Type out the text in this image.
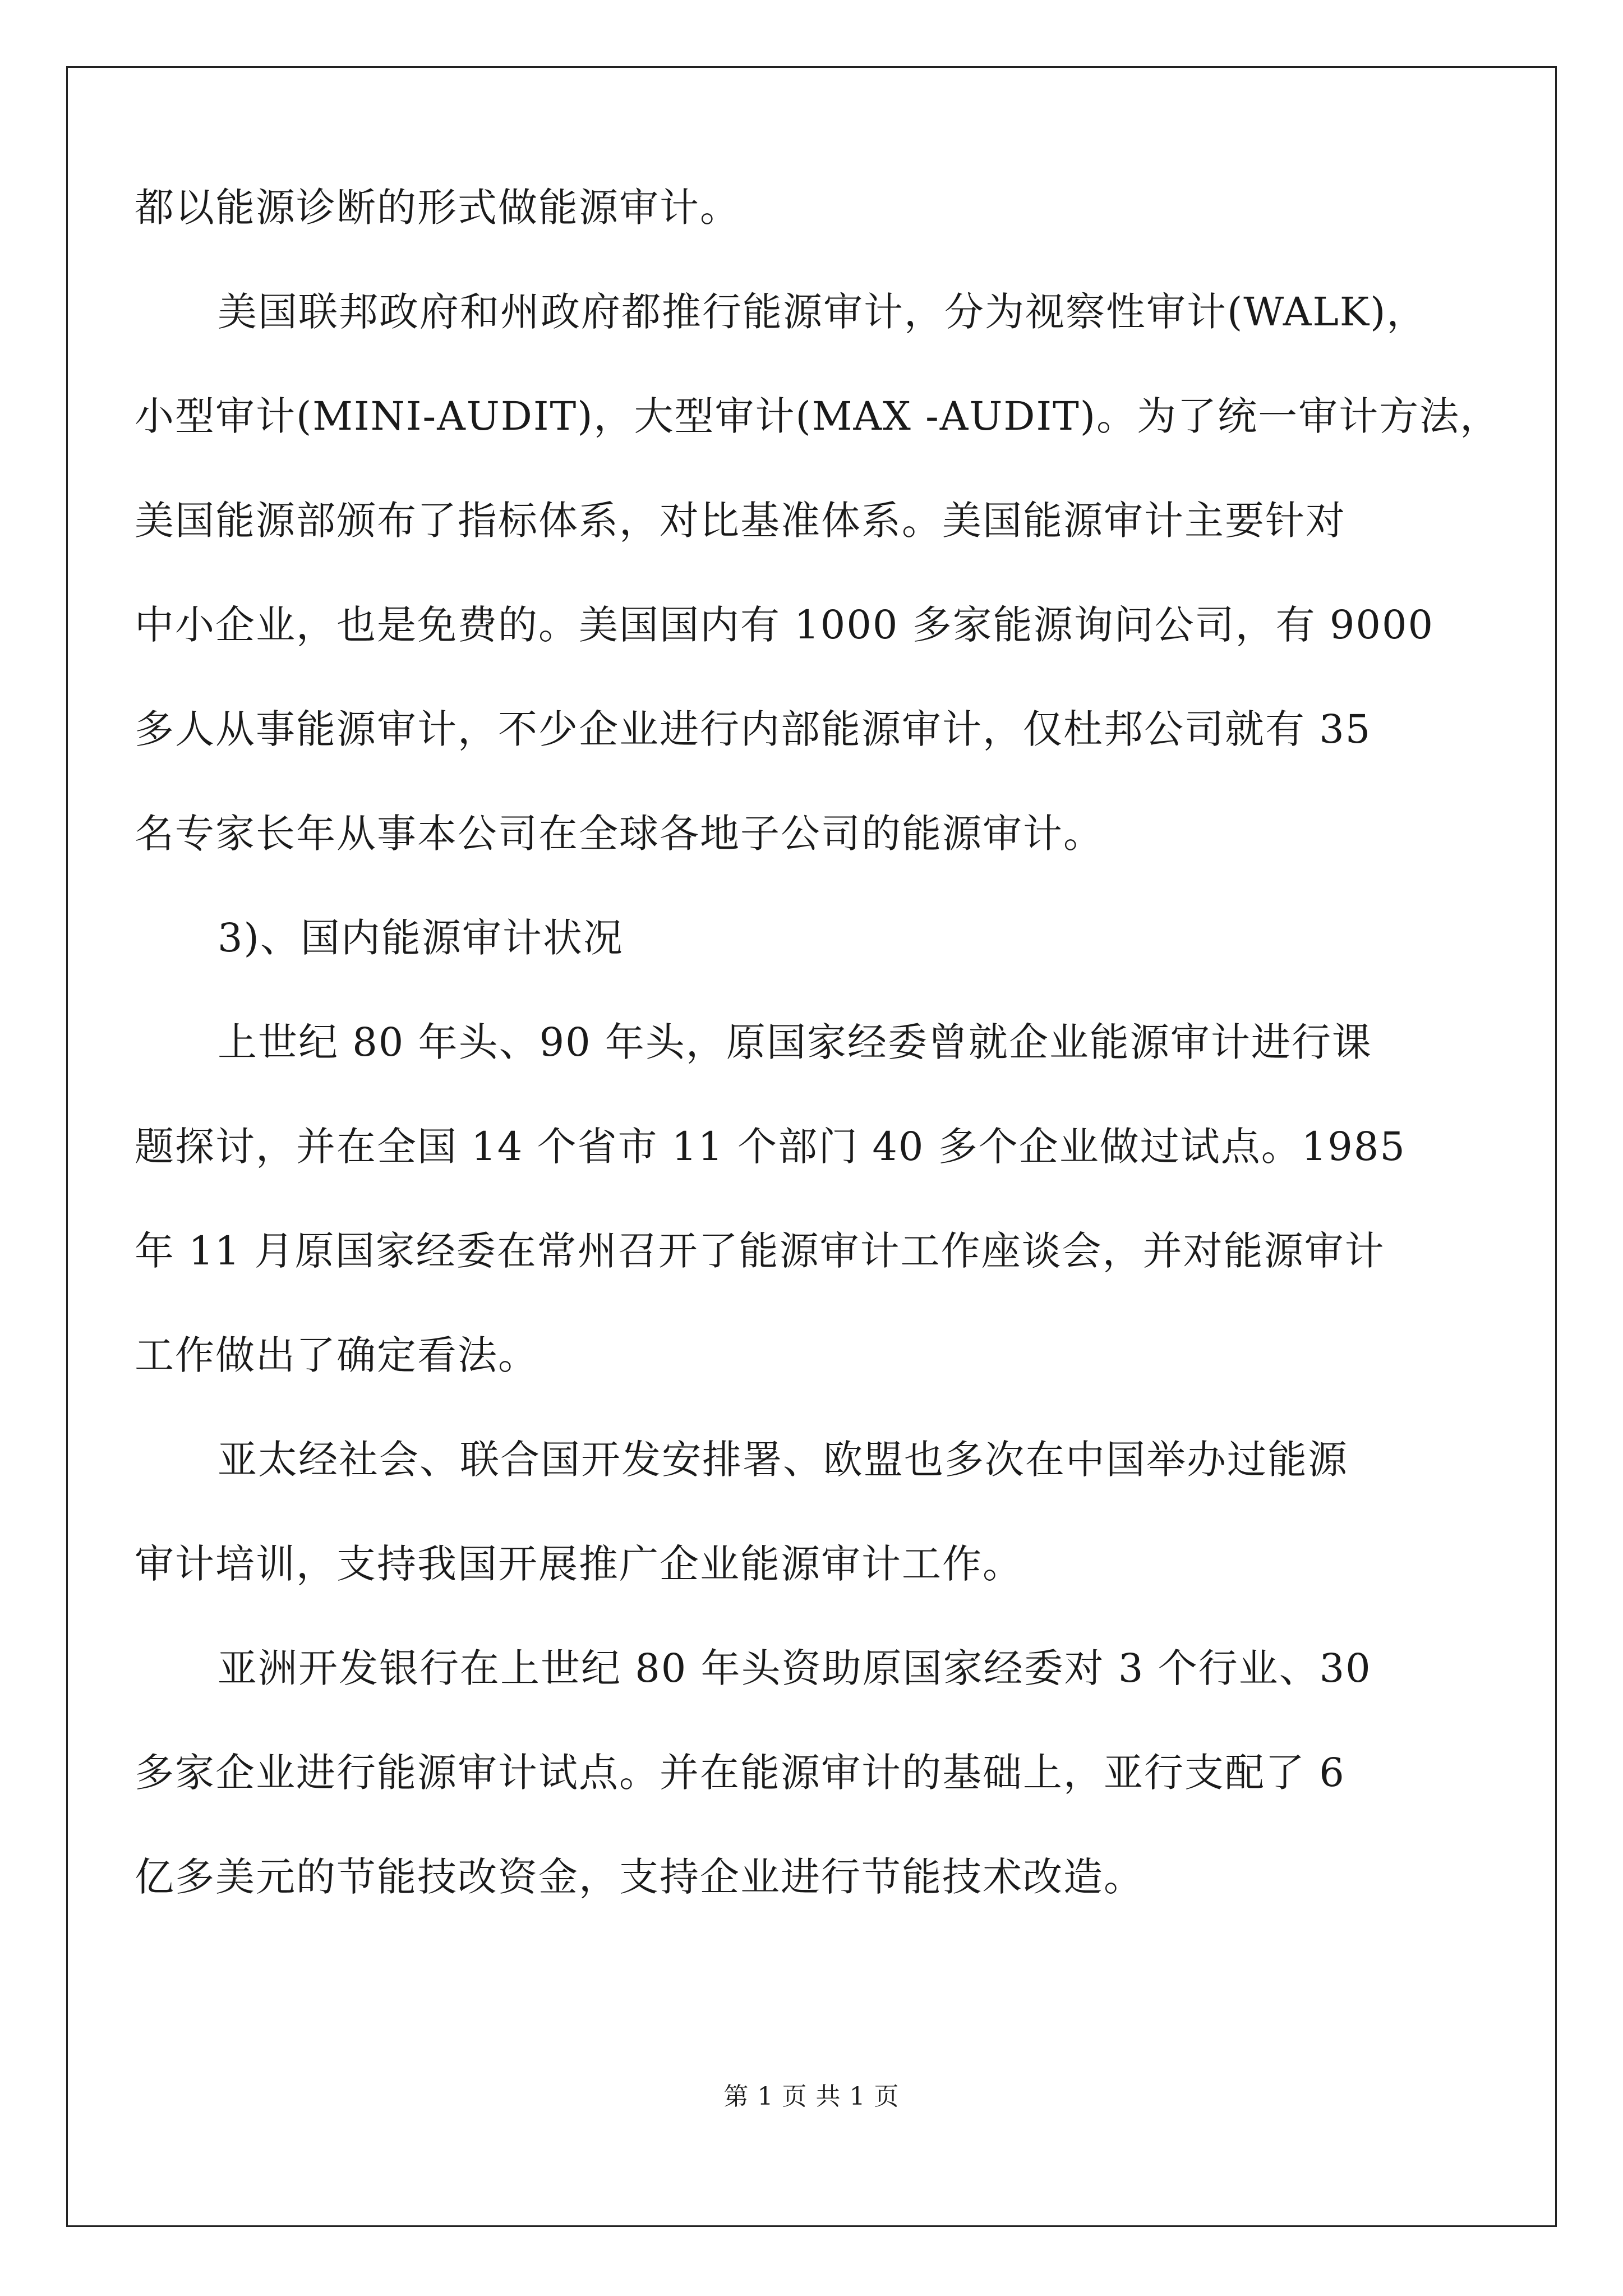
都以能源诊断的形式做能源审计。
美国联邦政府和州政府都推行能源审计，分为视察性审计(WALK)，
小型审计(MINI-AUDIT)，大型审计(MAX -AUDIT)。为了统一审计方法，
美国能源部颁布了指标体系，对比基准体系。美国能源审计主要针对
中小企业，也是免费的。美国国内有 1000 多家能源询问公司，有 9000
多人从事能源审计，不少企业进行内部能源审计，仅杜邦公司就有 35
名专家长年从事本公司在全球各地子公司的能源审计。
3)、国内能源审计状况
上世纪 80 年头、90 年头，原国家经委曾就企业能源审计进行课
题探讨，并在全国 14 个省市 11 个部门 40 多个企业做过试点。1985
年 11 月原国家经委在常州召开了能源审计工作座谈会，并对能源审计
工作做出了确定看法。
亚太经社会、联合国开发安排署、欧盟也多次在中国举办过能源
审计培训，支持我国开展推广企业能源审计工作。
亚洲开发银行在上世纪 80 年头资助原国家经委对 3 个行业、30
多家企业进行能源审计试点。并在能源审计的基础上，亚行支配了 6
亿多美元的节能技改资金，支持企业进行节能技术改造。
第 1 页 共 1 页
